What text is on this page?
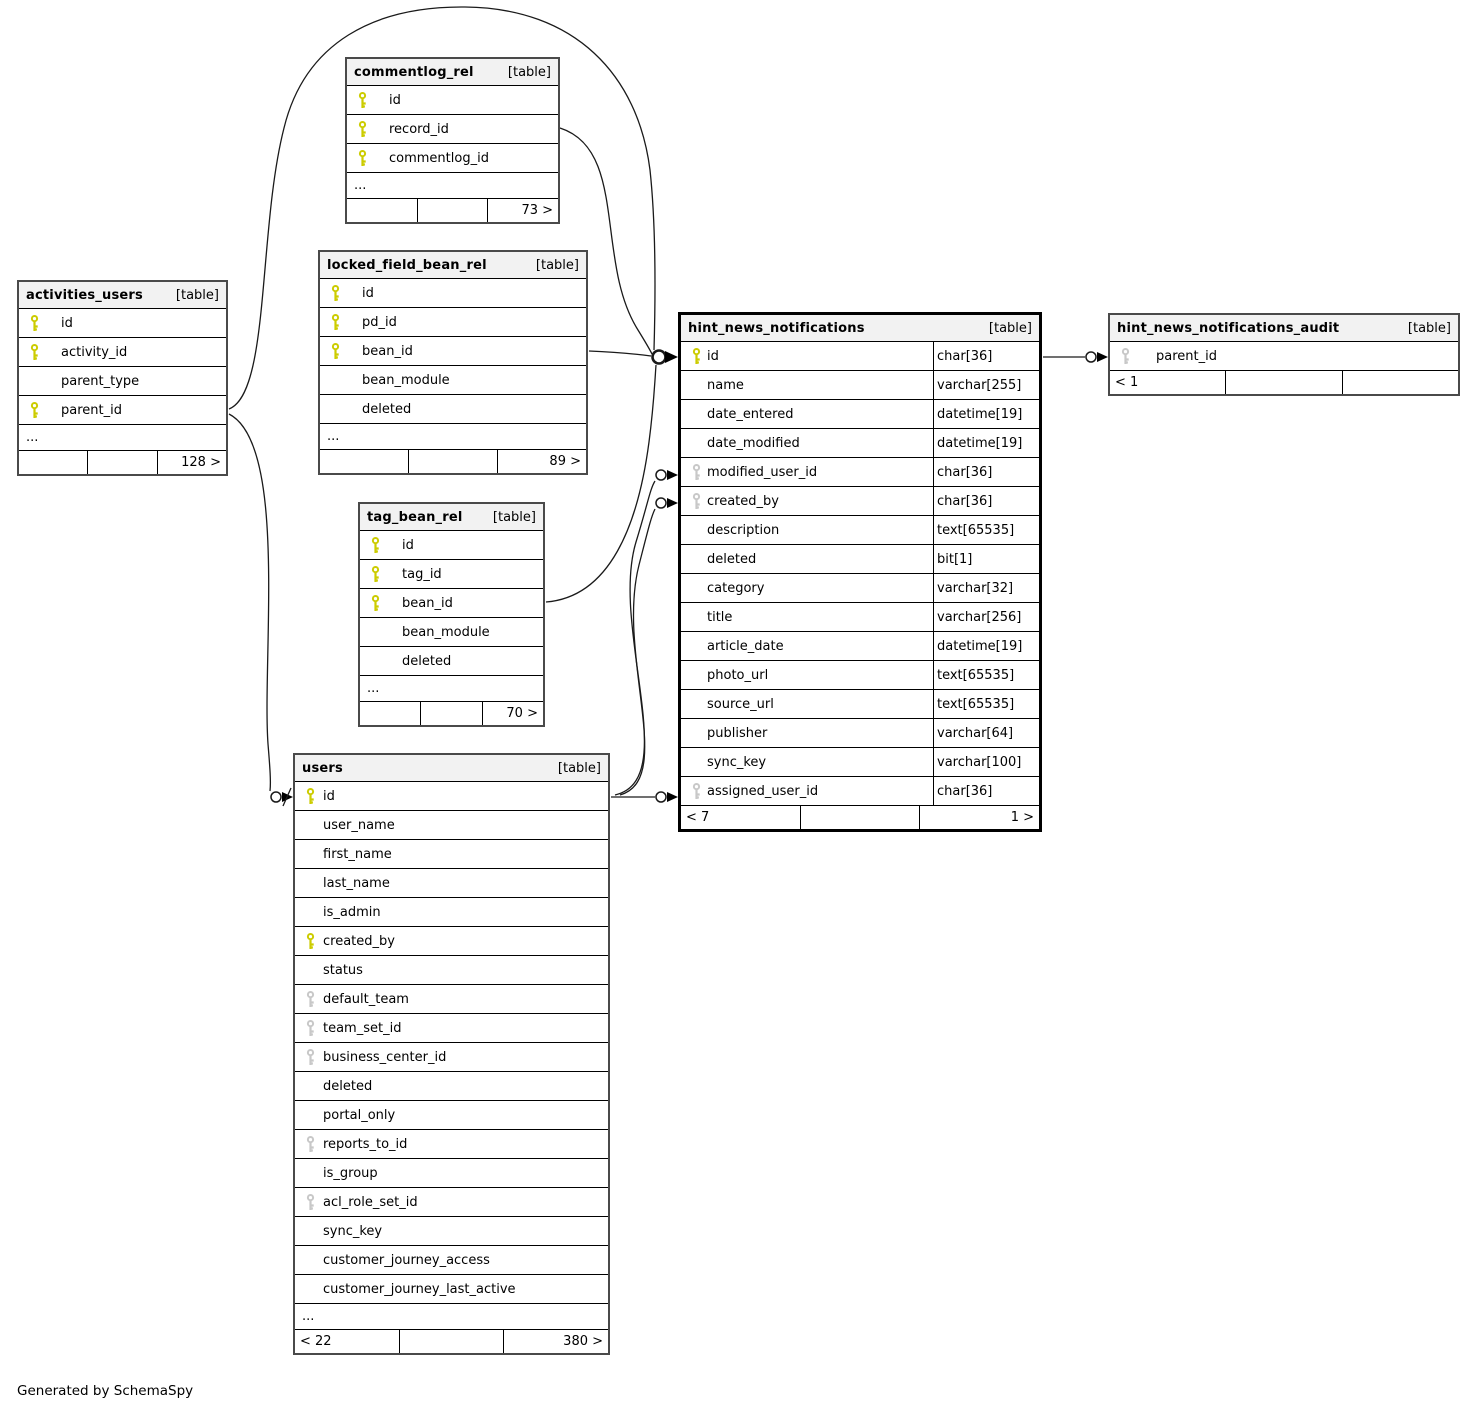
commentlog_rel	[table]
id
record_id
commentlog_id
...
73 >
locked_field_bean_rel	[table]
id
pd_id
bean_id
bean_module
deleted
...
89 >
activities_users	[table]
id
activity_id
parent_type
parent_id
...
128 >
tag_bean_rel [table]
id
tag_id
bean_id
bean_module
deleted
...
70 >
hint_news_notifications	[table]
id	char[36]
name	varchar[255]
date_entered	datetime[19]
date_modified	datetime[19]
modified_user_id	char[36]
created_by	char[36]
description	text[65535]
deleted	bit[1]
category	varchar[32]
title	varchar[256]
article_date	datetime[19]
photo_url	text[65535]
source_url	text[65535]
publisher	varchar[64]
sync_key	varchar[100]
assigned_user_id	char[36]
< 7	1 >
hint_news_notifications_audit	[table]
parent_id
< 1
users	[table]
id
user_name
first_name
last_name
is_admin
created_by
status
default_team
team_set_id
business_center_id
deleted
portal_only
reports_to_id
is_group
acl_role_set_id
sync_key
customer_journey_access
customer_journey_last_active
...
< 22	380 >
Generated by SchemaSpy
